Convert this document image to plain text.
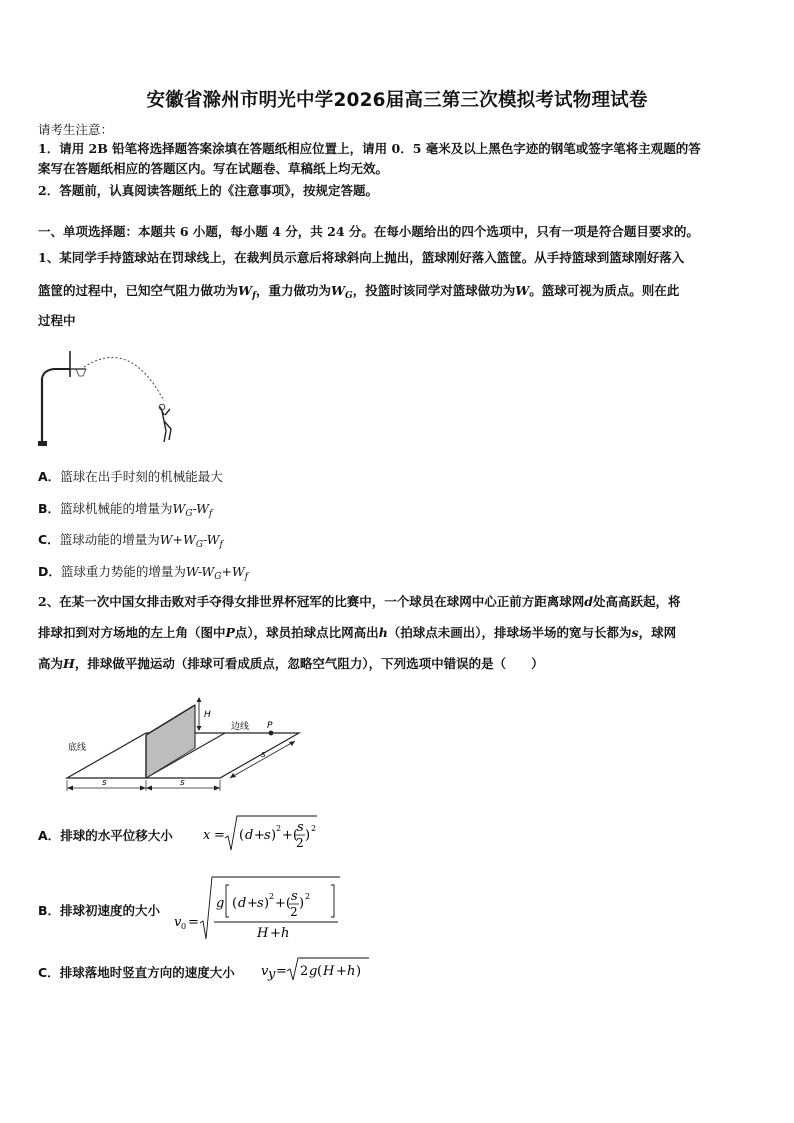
安徽省滁州市明光中学2026届高三第三次模拟考试物理试卷
请考生注意：
1．请用 2B 铅笔将选择题答案涂填在答题纸相应位置上，请用 0．5 毫米及以上黑色字迹的钢笔或签字笔将主观题的答
案写在答题纸相应的答题区内。写在试题卷、草稿纸上均无效。
2．答题前，认真阅读答题纸上的《注意事项》，按规定答题。
一、单项选择题：本题共 6 小题，每小题 4 分，共 24 分。在每小题给出的四个选项中，只有一项是符合题目要求的。
1、某同学手持篮球站在罚球线上，在裁判员示意后将球斜向上抛出，篮球刚好落入篮筐。从手持篮球到篮球刚好落入
篮筐的过程中，已知空气阻力做功为$W_f$，重力做功为$W_G$，投篮时该同学对篮球做功为W。篮球可视为质点。则在此
过程中
A．篮球在出手时刻的机械能最大
B．篮球机械能的增量为$W_G-W_f$
C．篮球动能的增量为$W+W_G-W_f$
D．篮球重力势能的增量为$W-W_G+W_f$
2、在某一次中国女排击败对手夺得女排世界杯冠军的比赛中，一个球员在球网中心正前方距离球网d处高高跃起，将
排球扣到对方场地的左上角（图中P点），球员拍球点比网高出h（拍球点未画出），排球场半场的宽与长都为s，球网
高为H，排球做平抛运动（排球可看成质点，忽略空气阻力），下列选项中错误的是（　　）
H
边线 P
底线
s
s	s
A．排球的水平位移大小 x = ( d + s ) 2 +(
s
2 ) 2
B．排球初速度的大小
v 0 =
g ( d + s ) 2 +( s
2
) 2
H + h
C．排球落地时竖直方向的速度大小 v y = 2 g ( H + h )
